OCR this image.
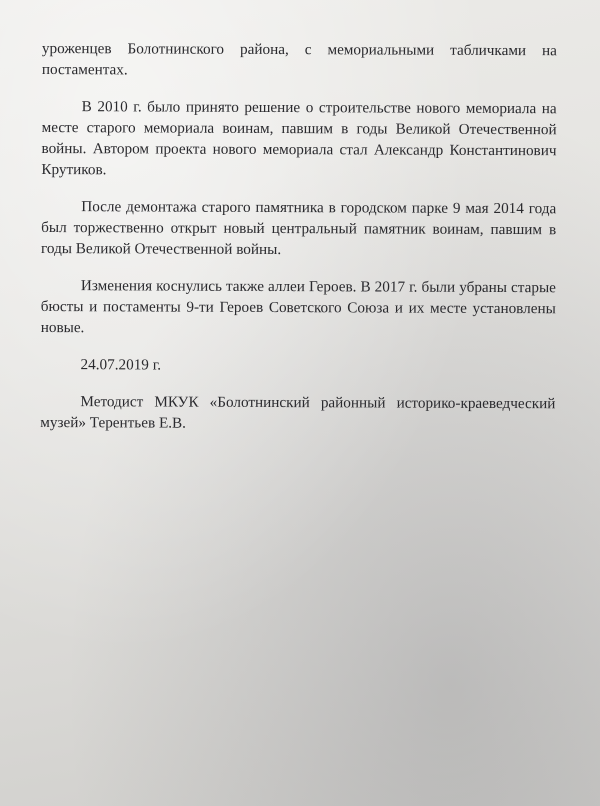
уроженцев Болотнинского района, с мемориальными табличками на постаментах.

В 2010 г. было принято решение о строительстве нового мемориала на месте старого мемориала воинам, павшим в годы Великой Отечественной войны. Автором проекта нового мемориала стал Александр Константинович Крутиков.

После демонтажа старого памятника в городском парке 9 мая 2014 года был торжественно открыт новый центральный памятник воинам, павшим в годы Великой Отечественной войны.

Изменения коснулись также аллеи Героев. В 2017 г. были убраны старые бюсты и постаменты 9-ти Героев Советского Союза и их месте установлены новые.

24.07.2019 г.

Методист МКУК «Болотнинский районный историко-краеведческий музей» Терентьев Е.В.
